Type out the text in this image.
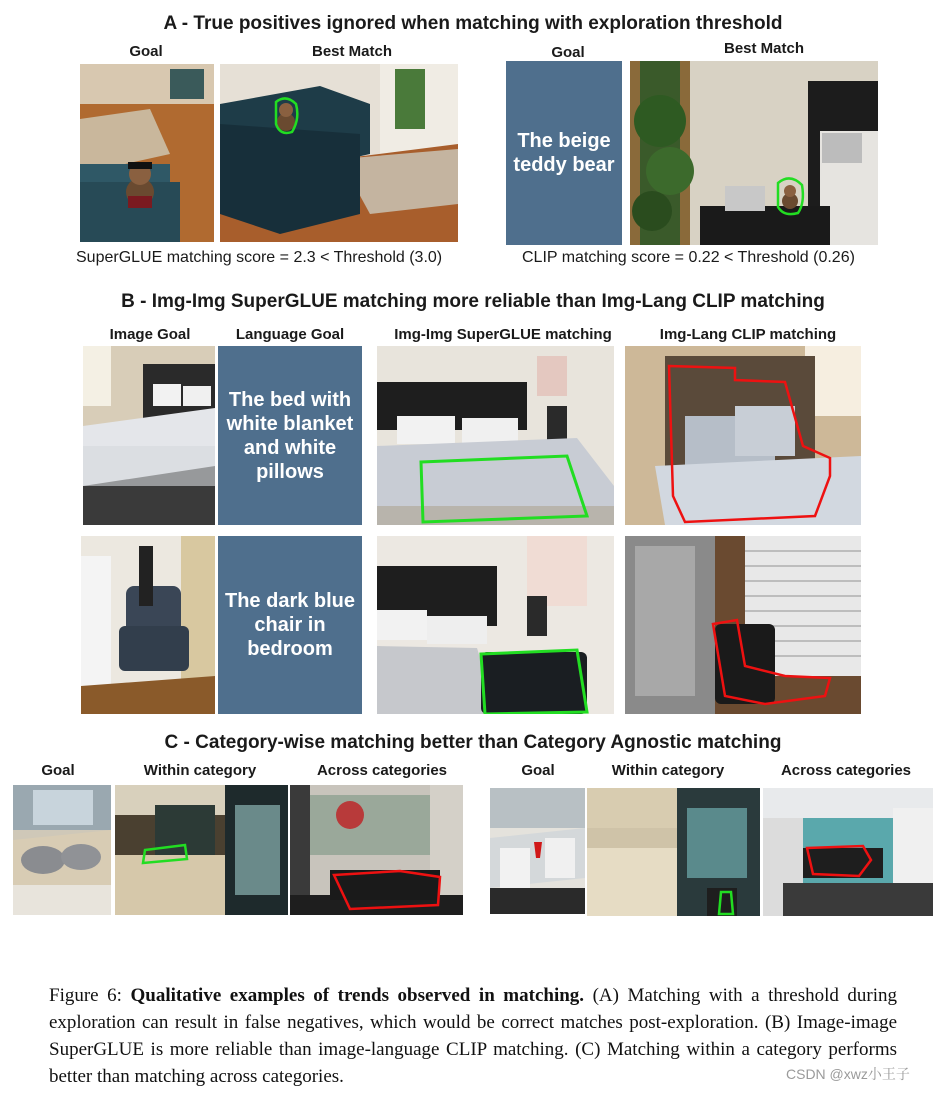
A - True positives ignored when matching with exploration threshold
Goal	Best Match	Goal	Best Match
The beige teddy bear
SuperGLUE matching score = 2.3 < Threshold (3.0)	CLIP matching score = 0.22 < Threshold (0.26)
B - Img-Img SuperGLUE matching more reliable than Img-Lang CLIP matching
Image Goal	Language Goal	Img-Img SuperGLUE matching	Img-Lang CLIP matching
The bed with white blanket and white pillows
The dark blue chair in bedroom
C - Category-wise matching better than Category Agnostic matching
Goal	Within category	Across categories	Goal	Within category	Across categories
Figure 6: Qualitative examples of trends observed in matching. (A) Matching with a threshold during exploration can result in false negatives, which would be correct matches post-exploration. (B) Image-image SuperGLUE is more reliable than image-language CLIP matching. (C) Matching within a category performs better than matching across categories.	CSDN @xwz小王子
